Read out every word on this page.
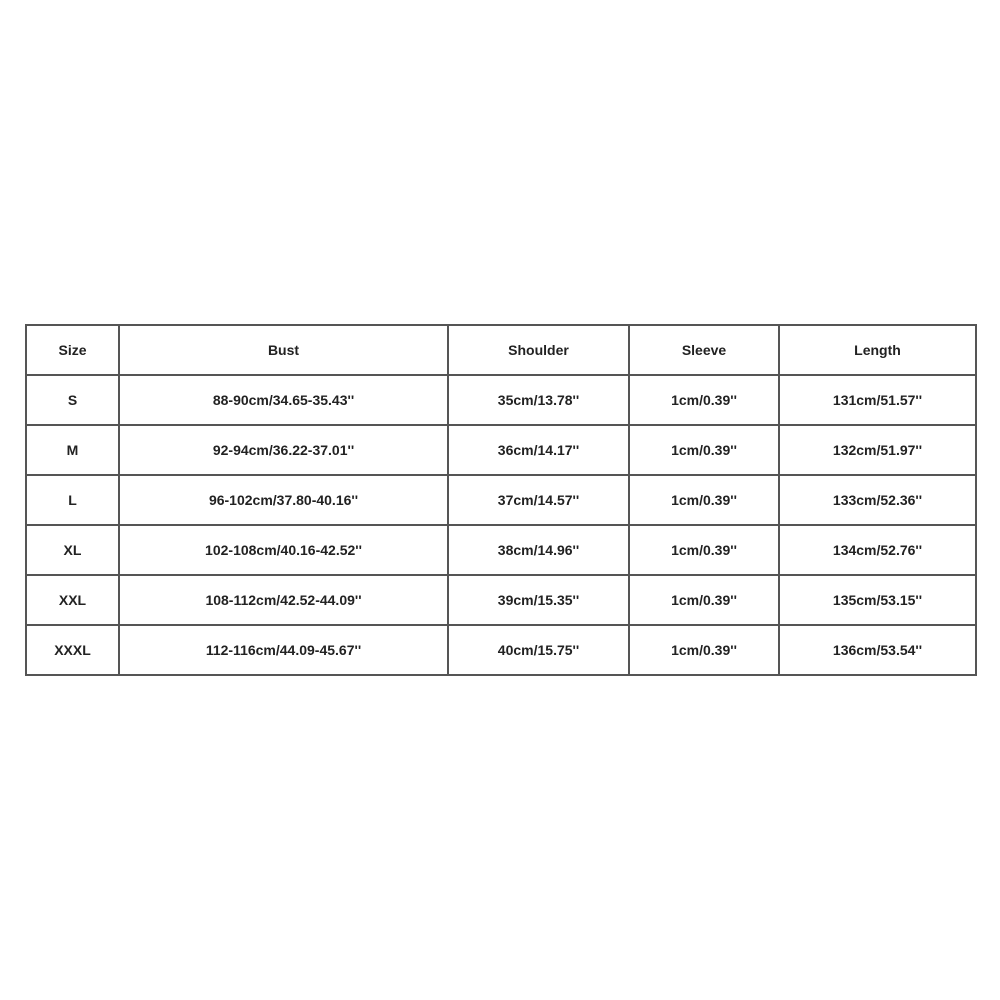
Size	Bust	Shoulder	Sleeve	Length
S	88-90cm/34.65-35.43''	35cm/13.78''	1cm/0.39''	131cm/51.57''
M	92-94cm/36.22-37.01''	36cm/14.17''	1cm/0.39''	132cm/51.97''
L	96-102cm/37.80-40.16''	37cm/14.57''	1cm/0.39''	133cm/52.36''
XL	102-108cm/40.16-42.52''	38cm/14.96''	1cm/0.39''	134cm/52.76''
XXL	108-112cm/42.52-44.09''	39cm/15.35''	1cm/0.39''	135cm/53.15''
XXXL	112-116cm/44.09-45.67''	40cm/15.75''	1cm/0.39''	136cm/53.54''
